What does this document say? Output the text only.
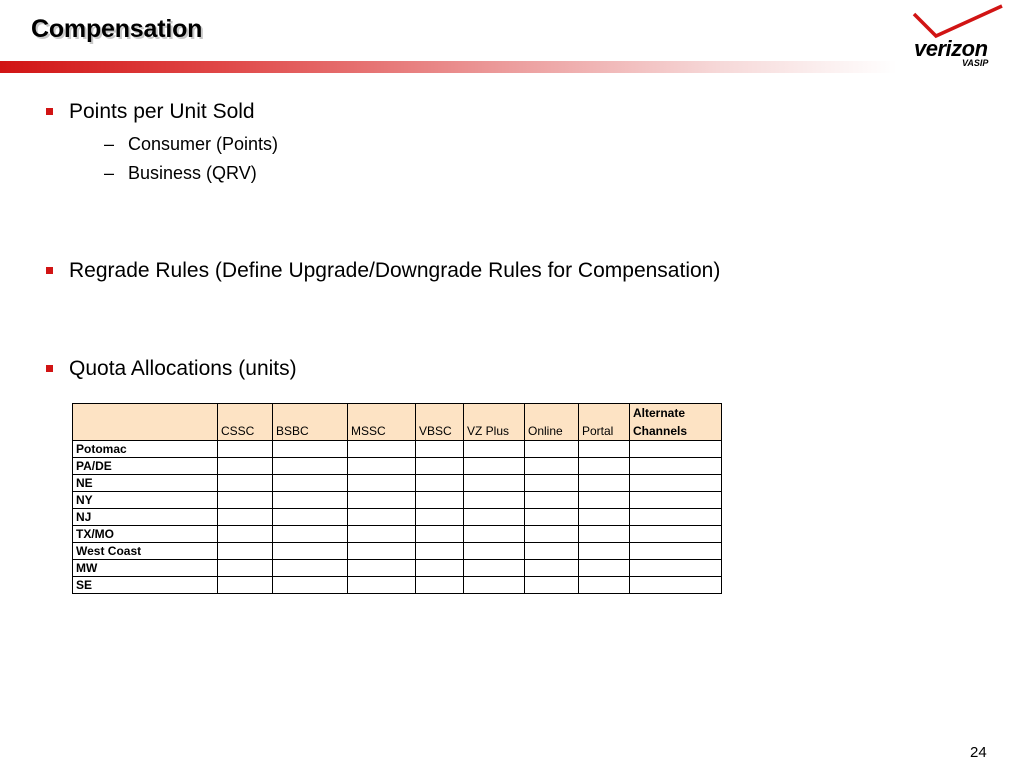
Compensation
verizon
VASIP
Points per Unit Sold
– Consumer (Points)
– Business (QRV)
Regrade Rules (Define Upgrade/Downgrade Rules for Compensation)
Quota Allocations (units)
	CSSC	BSBC	MSSC	VBSC	VZ Plus	Online	Portal	Alternate Channels
Potomac								
PA/DE								
NE								
NY								
NJ								
TX/MO								
West Coast								
MW								
SE								
24
